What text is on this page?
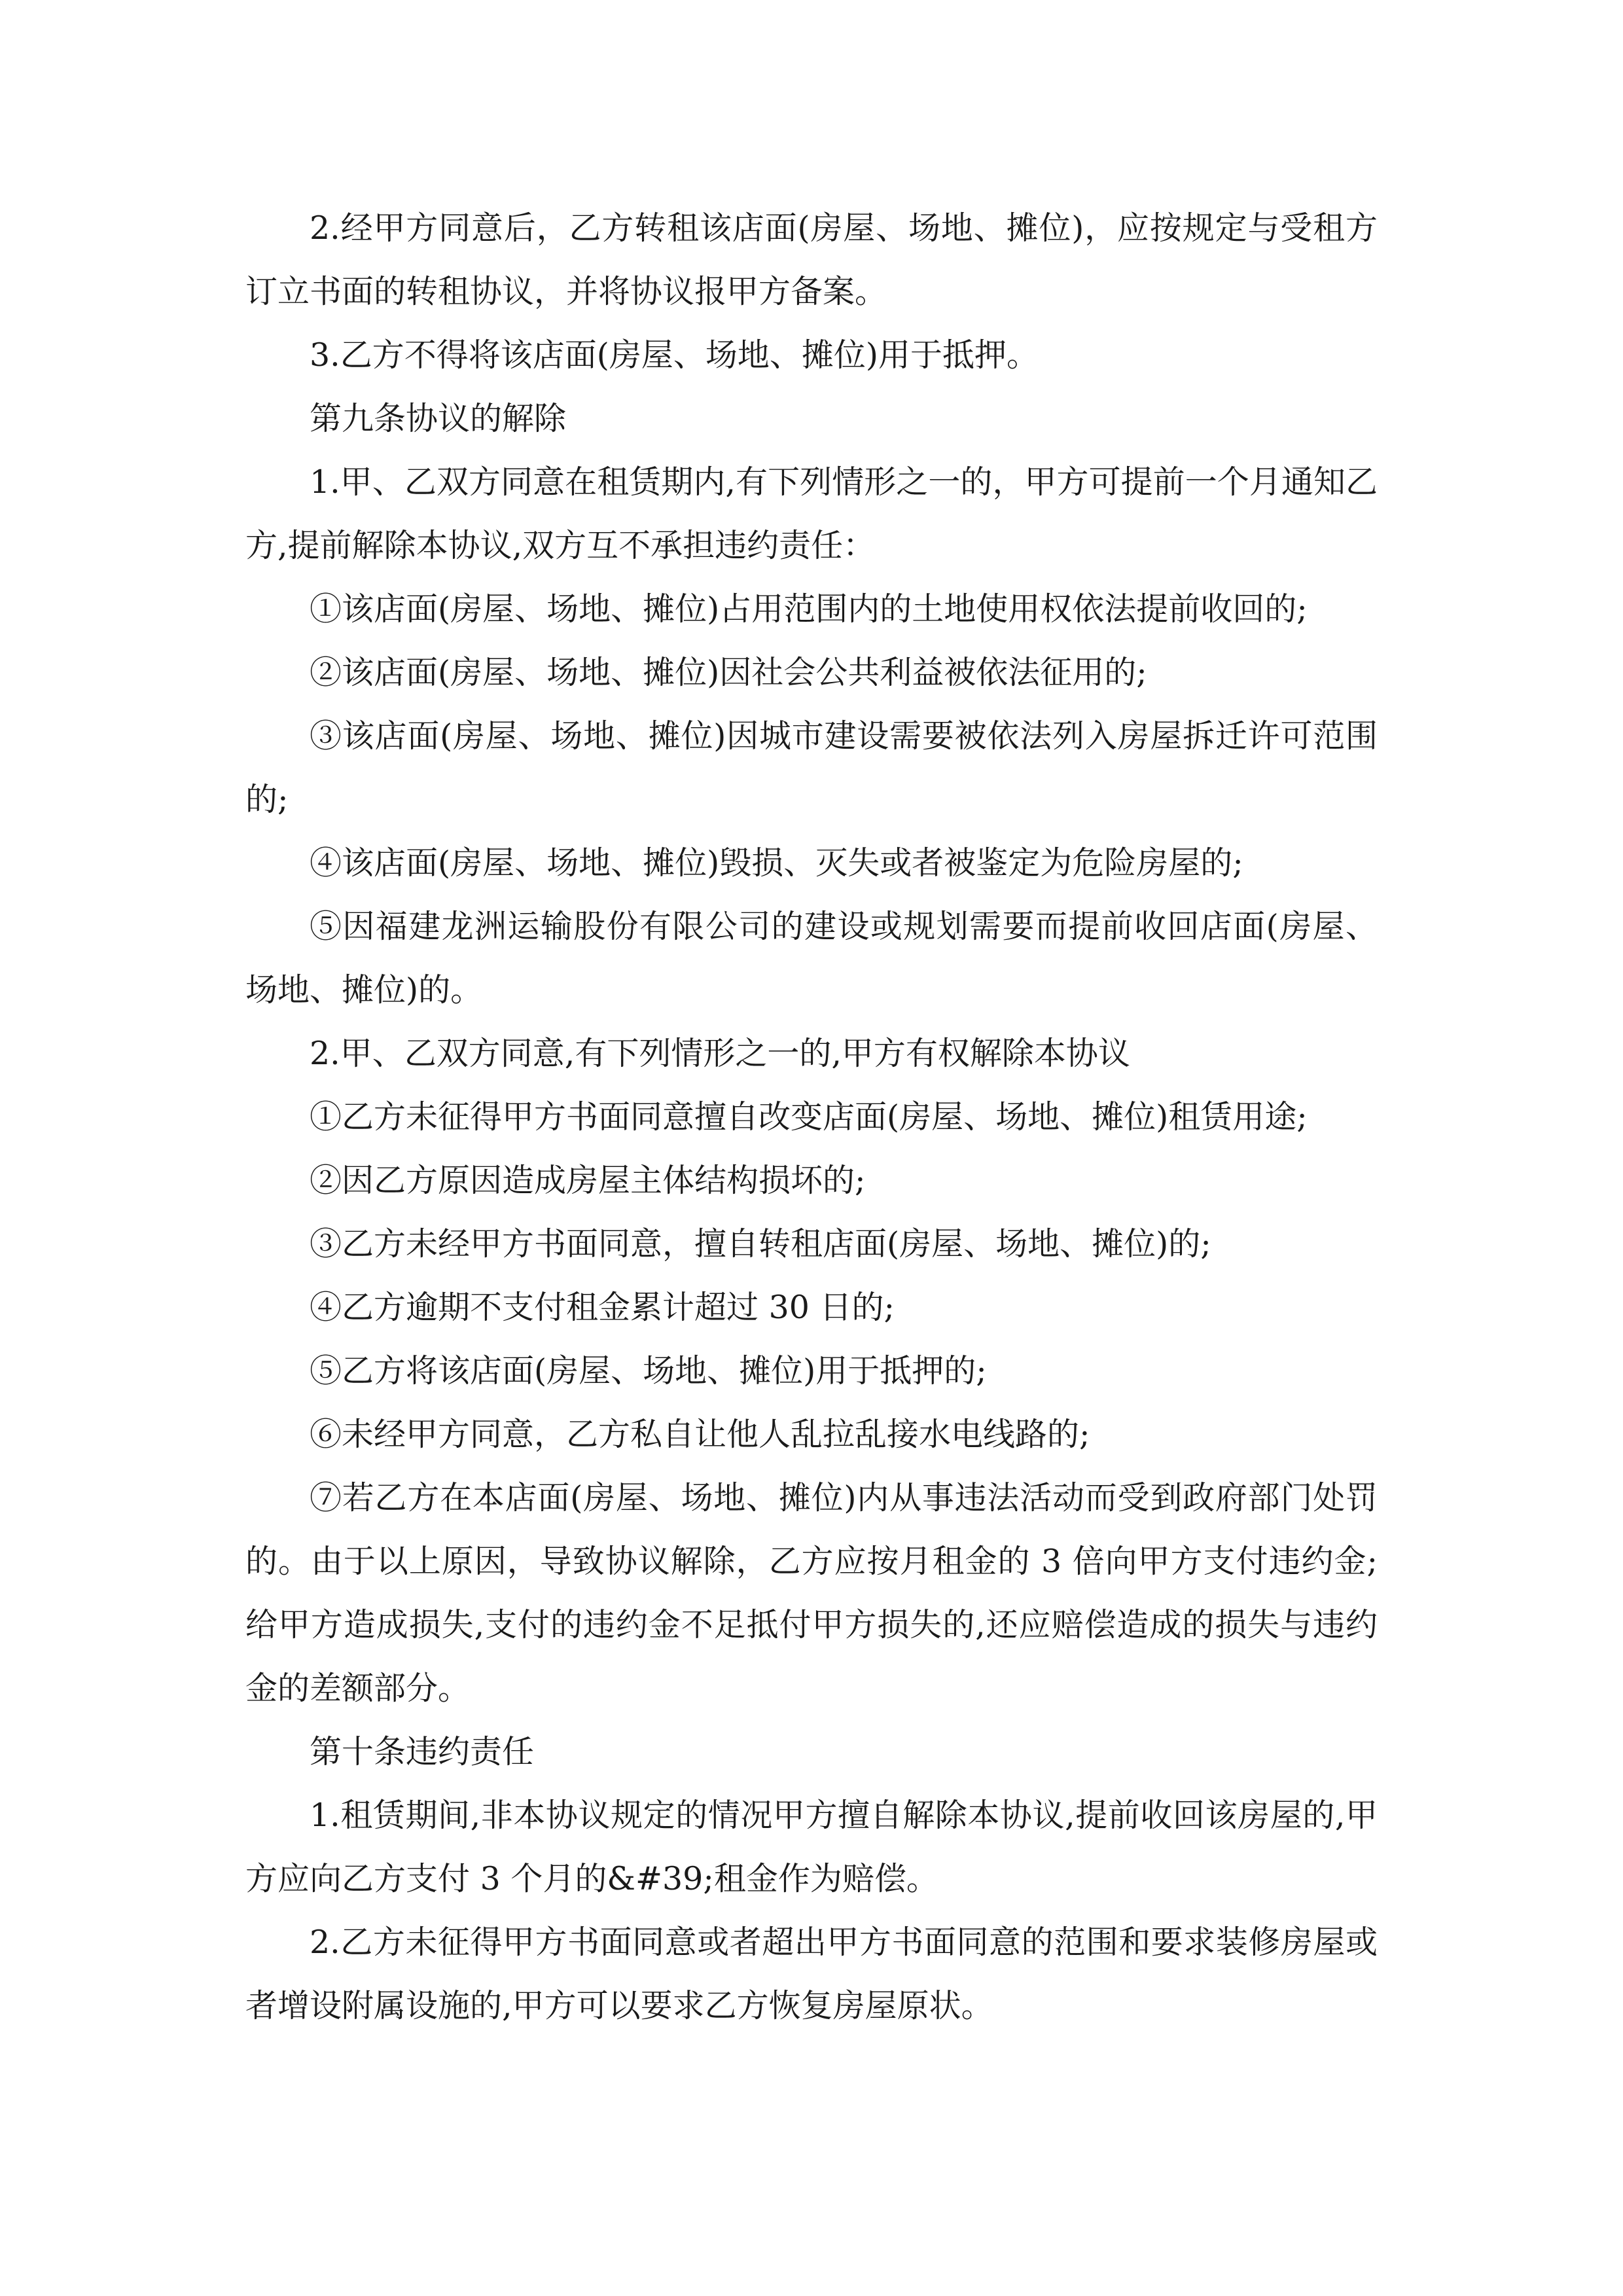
2.经甲方同意后，乙方转租该店面(房屋、场地、摊位)，应按规定与受租方订立书面的转租协议，并将协议报甲方备案。

3.乙方不得将该店面(房屋、场地、摊位)用于抵押。

第九条协议的解除

1.甲、乙双方同意在租赁期内,有下列情形之一的，甲方可提前一个月通知乙方,提前解除本协议,双方互不承担违约责任：

①该店面(房屋、场地、摊位)占用范围内的土地使用权依法提前收回的;

②该店面(房屋、场地、摊位)因社会公共利益被依法征用的;

③该店面(房屋、场地、摊位)因城市建设需要被依法列入房屋拆迁许可范围的;

④该店面(房屋、场地、摊位)毁损、灭失或者被鉴定为危险房屋的;

⑤因福建龙洲运输股份有限公司的建设或规划需要而提前收回店面(房屋、场地、摊位)的。

2.甲、乙双方同意,有下列情形之一的,甲方有权解除本协议

①乙方未征得甲方书面同意擅自改变店面(房屋、场地、摊位)租赁用途;

②因乙方原因造成房屋主体结构损坏的;

③乙方未经甲方书面同意，擅自转租店面(房屋、场地、摊位)的;

④乙方逾期不支付租金累计超过 30 日的;

⑤乙方将该店面(房屋、场地、摊位)用于抵押的;

⑥未经甲方同意，乙方私自让他人乱拉乱接水电线路的;

⑦若乙方在本店面(房屋、场地、摊位)内从事违法活动而受到政府部门处罚的。由于以上原因，导致协议解除，乙方应按月租金的 3 倍向甲方支付违约金;给甲方造成损失,支付的违约金不足抵付甲方损失的,还应赔偿造成的损失与违约金的差额部分。

第十条违约责任

1.租赁期间,非本协议规定的情况甲方擅自解除本协议,提前收回该房屋的,甲方应向乙方支付 3 个月的&#39;租金作为赔偿。

2.乙方未征得甲方书面同意或者超出甲方书面同意的范围和要求装修房屋或者增设附属设施的,甲方可以要求乙方恢复房屋原状。
